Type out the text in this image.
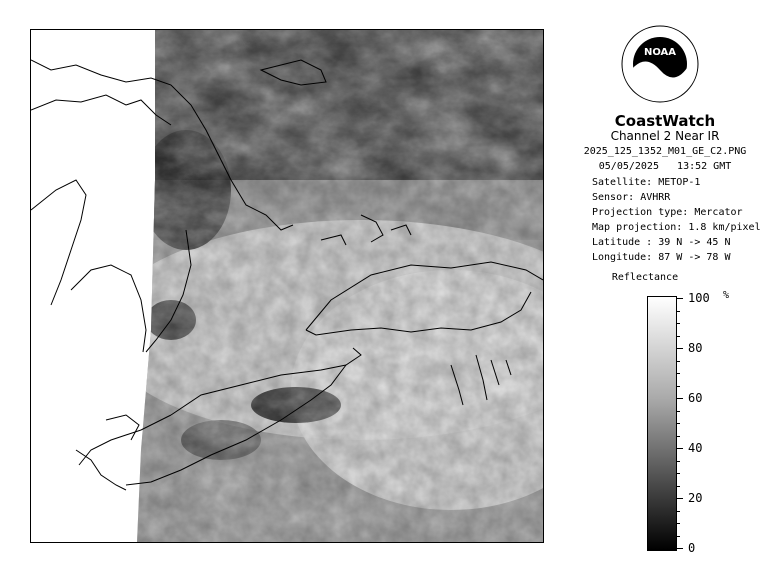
NOAA
CoastWatch
Channel 2 Near IR
2025_125_1352_M01_GE_C2.PNG
05/05/2025 13:52 GMT
Satellite: METOP-1
Sensor: AVHRR
Projection type: Mercator
Map projection: 1.8 km/pixel
Latitude : 39 N -> 45 N
Longitude: 87 W -> 78 W
Reflectance
%
100
80
60
40
20
0
